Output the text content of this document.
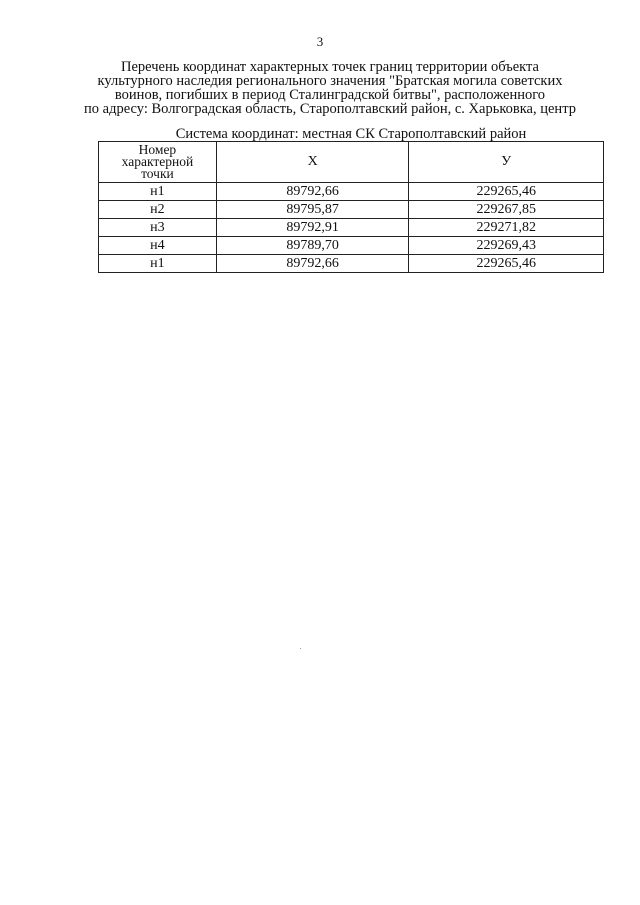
3
Перечень координат характерных точек границ территории объекта
культурного наследия регионального значения "Братская могила советских
воинов, погибших в период Сталинградской битвы", расположенного
по адресу: Волгоградская область, Старополтавский район, с. Харьковка, центр
Система координат: местная СК Старополтавский район
Номер
характерной
точки	X	У
н1	89792,66	229265,46
н2	89795,87	229267,85
н3	89792,91	229271,82
н4	89789,70	229269,43
н1	89792,66	229265,46
